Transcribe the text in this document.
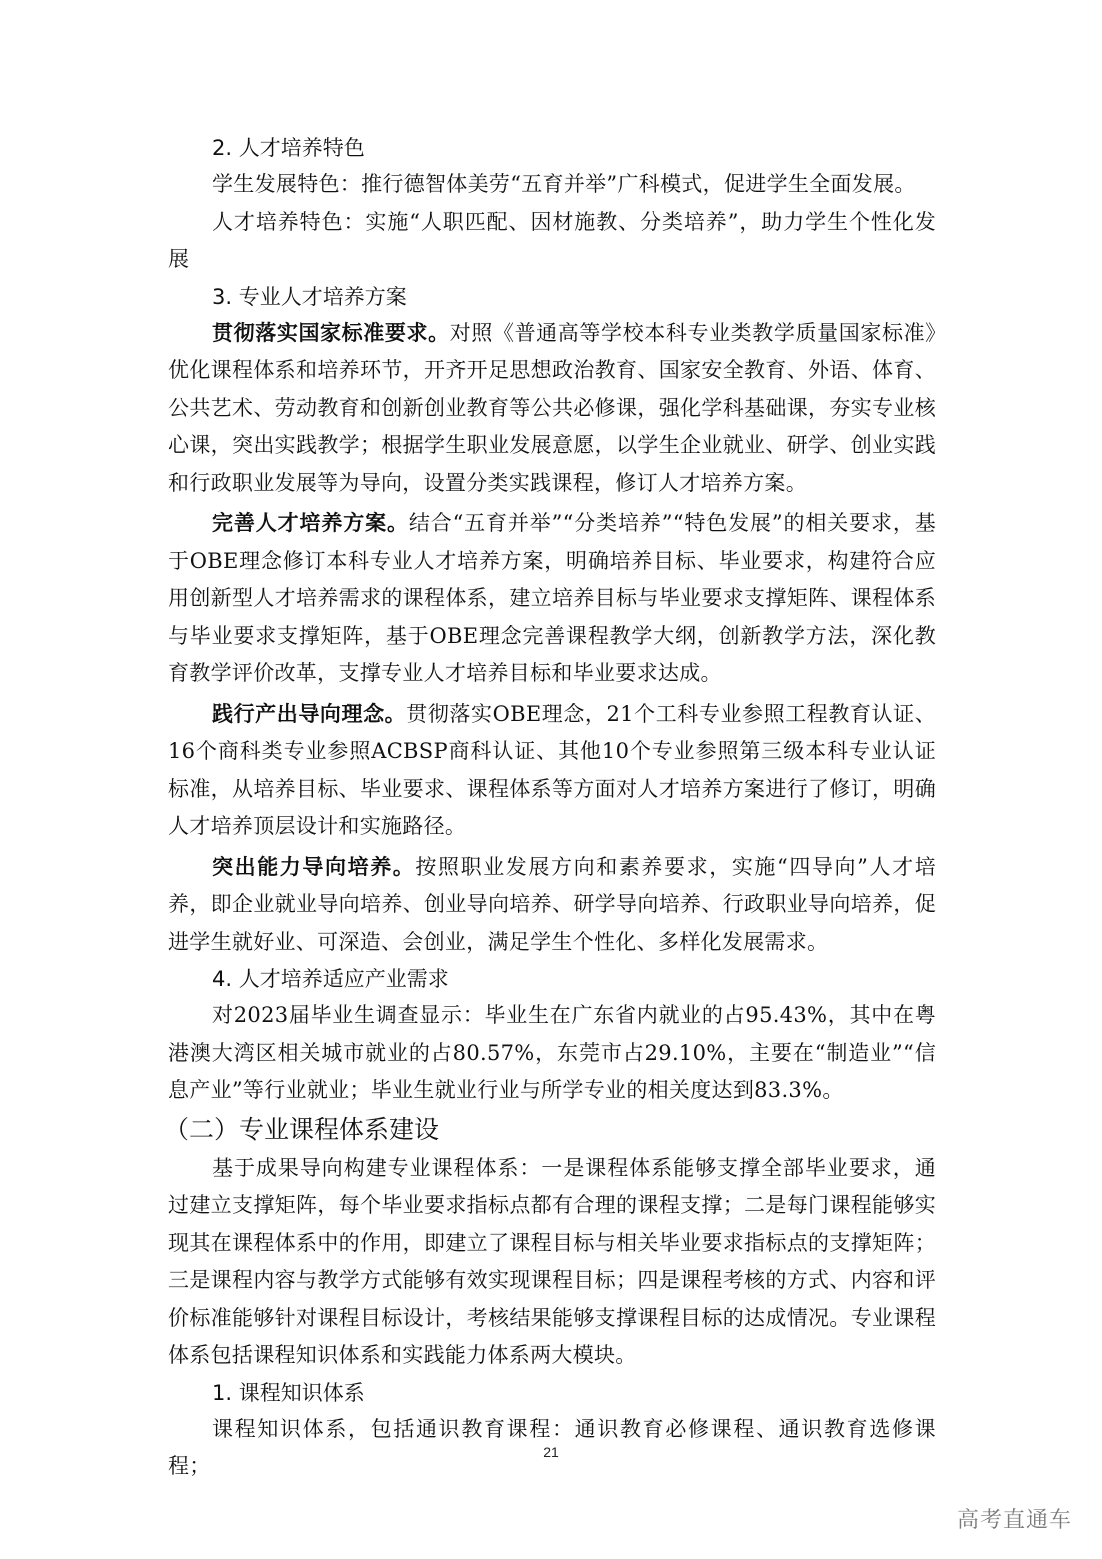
2. 人才培养特色
学生发展特色：推行德智体美劳“五育并举”广科模式，促进学生全面发展。
人才培养特色：实施“人职匹配、因材施教、分类培养”，助力学生个性化发展
3. 专业人才培养方案
贯彻落实国家标准要求。对照《普通高等学校本科专业类教学质量国家标准》优化课程体系和培养环节，开齐开足思想政治教育、国家安全教育、外语、体育、公共艺术、劳动教育和创新创业教育等公共必修课，强化学科基础课，夯实专业核心课，突出实践教学；根据学生职业发展意愿，以学生企业就业、研学、创业实践和行政职业发展等为导向，设置分类实践课程，修订人才培养方案。
完善人才培养方案。结合“五育并举”“分类培养”“特色发展”的相关要求，基于OBE理念修订本科专业人才培养方案，明确培养目标、毕业要求，构建符合应用创新型人才培养需求的课程体系，建立培养目标与毕业要求支撑矩阵、课程体系与毕业要求支撑矩阵，基于OBE理念完善课程教学大纲，创新教学方法，深化教育教学评价改革，支撑专业人才培养目标和毕业要求达成。
践行产出导向理念。贯彻落实OBE理念，21个工科专业参照工程教育认证、16个商科类专业参照ACBSP商科认证、其他10个专业参照第三级本科专业认证标准，从培养目标、毕业要求、课程体系等方面对人才培养方案进行了修订，明确人才培养顶层设计和实施路径。
突出能力导向培养。按照职业发展方向和素养要求，实施“四导向”人才培养，即企业就业导向培养、创业导向培养、研学导向培养、行政职业导向培养，促进学生就好业、可深造、会创业，满足学生个性化、多样化发展需求。
4. 人才培养适应产业需求
对2023届毕业生调查显示：毕业生在广东省内就业的占95.43%，其中在粤港澳大湾区相关城市就业的占80.57%，东莞市占29.10%，主要在“制造业”“信息产业”等行业就业；毕业生就业行业与所学专业的相关度达到83.3%。
（二）专业课程体系建设
基于成果导向构建专业课程体系：一是课程体系能够支撑全部毕业要求，通过建立支撑矩阵，每个毕业要求指标点都有合理的课程支撑；二是每门课程能够实现其在课程体系中的作用，即建立了课程目标与相关毕业要求指标点的支撑矩阵；三是课程内容与教学方式能够有效实现课程目标；四是课程考核的方式、内容和评价标准能够针对课程目标设计，考核结果能够支撑课程目标的达成情况。专业课程体系包括课程知识体系和实践能力体系两大模块。
1. 课程知识体系
课程知识体系，包括通识教育课程：通识教育必修课程、通识教育选修课程；
21
高考直通车
